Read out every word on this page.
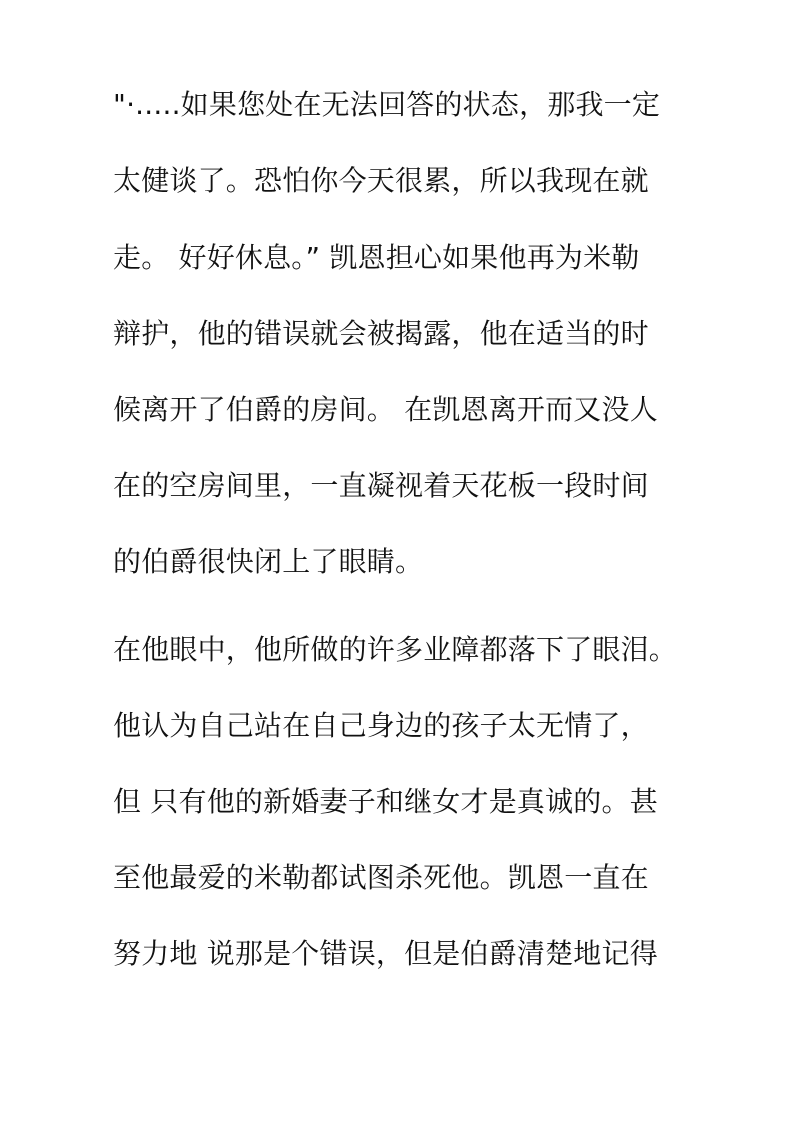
"·.....如果您处在无法回答的状态，那我一定
太健谈了。恐怕你今天很累，所以我现在就
走。 好好休息。” 凯恩担心如果他再为米勒
辩护，他的错误就会被揭露，他在适当的时
候离开了伯爵的房间。 在凯恩离开而又没人
在的空房间里，一直凝视着天花板一段时间
的伯爵很快闭上了眼睛。
在他眼中，他所做的许多业障都落下了眼泪。
他认为自己站在自己身边的孩子太无情了，
但 只有他的新婚妻子和继女才是真诚的。甚
至他最爱的米勒都试图杀死他。凯恩一直在
努力地 说那是个错误，但是伯爵清楚地记得
